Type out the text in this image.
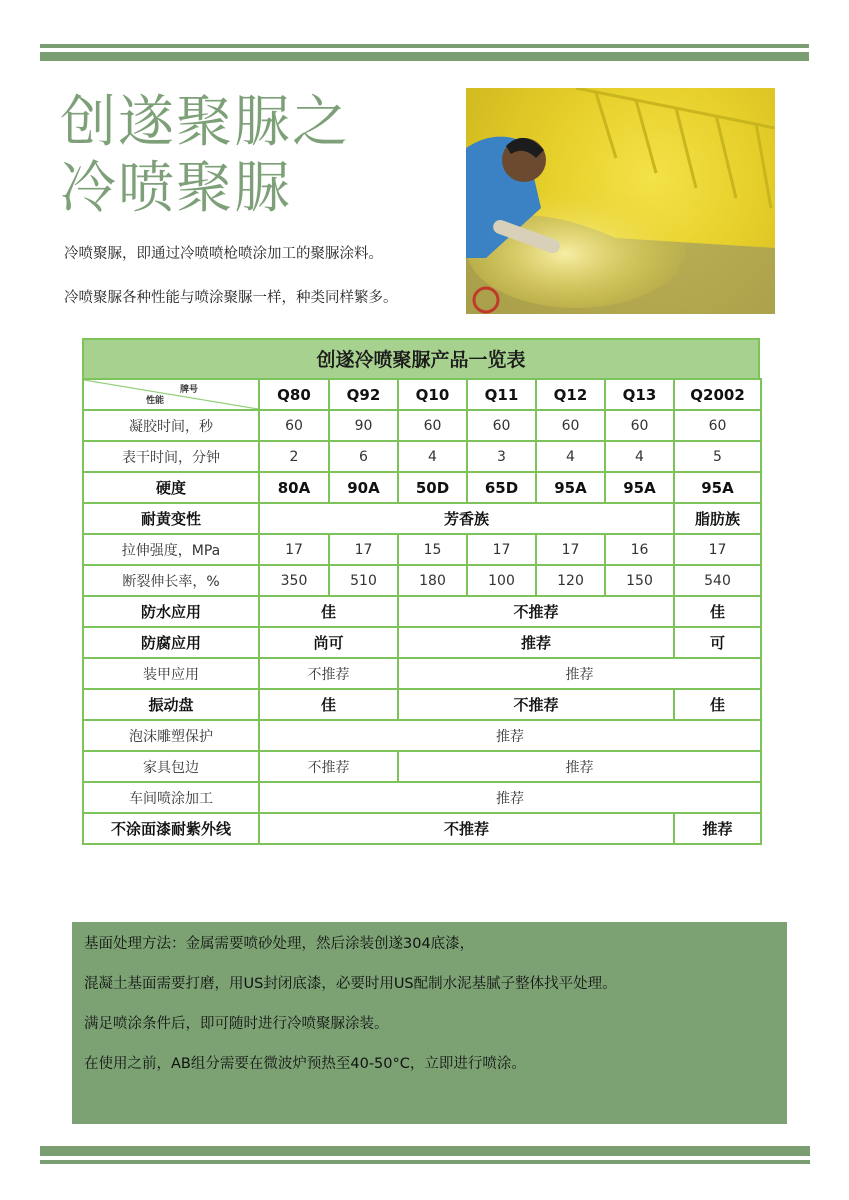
创遂聚脲之
冷喷聚脲
冷喷聚脲，即通过冷喷喷枪喷涂加工的聚脲涂料。
冷喷聚脲各种性能与喷涂聚脲一样，种类同样繁多。
创遂冷喷聚脲产品一览表
牌号
性能	Q80	Q92	Q10	Q11	Q12	Q13	Q2002
凝胶时间，秒	60	90	60	60	60	60	60
表干时间，分钟	2	6	4	3	4	4	5
硬度	80A	90A	50D	65D	95A	95A	95A
耐黄变性	芳香族						脂肪族
拉伸强度，MPa	17	17	15	17	17	16	17
断裂伸长率，%	350	510	180	100	120	150	540
防水应用	佳		不推荐				佳
防腐应用	尚可		推荐				可
装甲应用	不推荐		推荐				
振动盘	佳		不推荐				佳
泡沫雕塑保护	推荐						
家具包边	不推荐		推荐				
车间喷涂加工	推荐						
不涂面漆耐紫外线	不推荐						推荐

基面处理方法：金属需要喷砂处理，然后涂装创遂304底漆，

混凝土基面需要打磨，用US封闭底漆，必要时用US配制水泥基腻子整体找平处理。

满足喷涂条件后，即可随时进行冷喷聚脲涂装。

在使用之前，AB组分需要在微波炉预热至40-50°C，立即进行喷涂。
